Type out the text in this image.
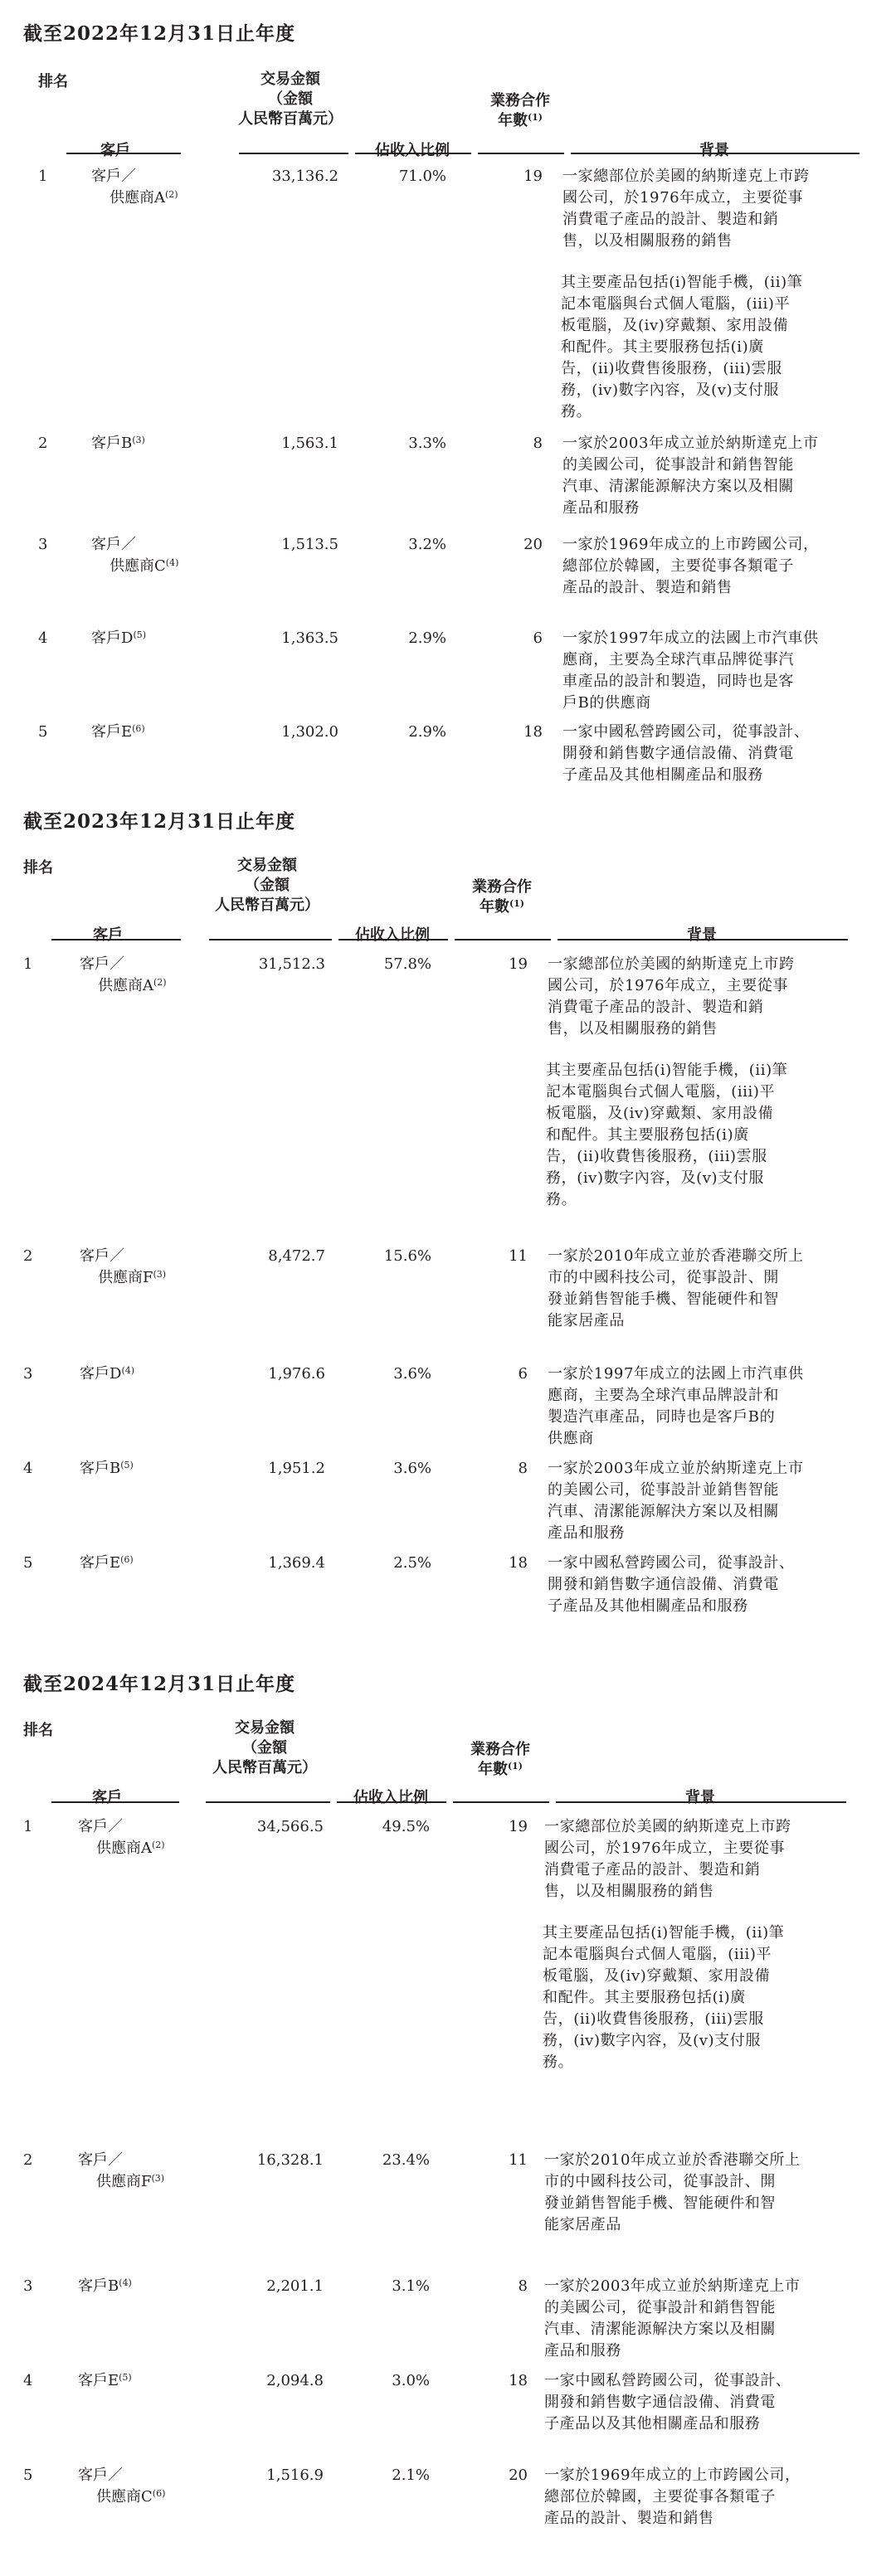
截至2022年12月31日止年度
排名
客戶
交易金額
（金額
人民幣百萬元）
佔收入比例
業務合作
年數$^{(1)}$
背景
1	客戶／
供應商$A^{(2)}$
33,136.2	71.0%	19 一家總部位於美國的納斯達克上市跨
國公司，於1976年成立，主要從事
消費電子產品的設計、製造和銷
售，以及相關服務的銷售
其主要產品包括(i)智能手機，(ii)筆
記本電腦與台式個人電腦，(iii)平
板電腦，及(iv)穿戴類、家用設備
和配件。其主要服務包括(i)廣
告，(ii)收費售後服務，(iii)雲服
務，(iv)數字內容，及(v)支付服
務。
2	客戶$B^{(3)}$	1,563.1	3.3%	8 一家於2003年成立並於納斯達克上市
的美國公司，從事設計和銷售智能
汽車、清潔能源解決方案以及相關
產品和服務
3	客戶／
供應商$C^{(4)}$
1,513.5	3.2%	20 一家於1969年成立的上市跨國公司，
總部位於韓國，主要從事各類電子
產品的設計、製造和銷售
4	客戶$D^{(5)}$	1,363.5	2.9%	6 一家於1997年成立的法國上市汽車供
應商，主要為全球汽車品牌從事汽
車產品的設計和製造，同時也是客
戶B的供應商
5	客戶$E^{(6)}$	1,302.0	2.9%	18 一家中國私營跨國公司，從事設計、
開發和銷售數字通信設備、消費電
子產品及其他相關產品和服務
截至2023年12月31日止年度
排名
客戶
交易金額
（金額
人民幣百萬元）
佔收入比例
業務合作
年數$^{(1)}$
背景
1	客戶／
供應商$A^{(2)}$
31,512.3	57.8%	19 一家總部位於美國的納斯達克上市跨
國公司，於1976年成立，主要從事
消費電子產品的設計、製造和銷
售，以及相關服務的銷售
其主要產品包括(i)智能手機，(ii)筆
記本電腦與台式個人電腦，(iii)平
板電腦，及(iv)穿戴類、家用設備
和配件。其主要服務包括(i)廣
告，(ii)收費售後服務，(iii)雲服
務，(iv)數字內容，及(v)支付服
務。
2	客戶／
供應商$F^{(3)}$
8,472.7	15.6%	11 一家於2010年成立並於香港聯交所上
市的中國科技公司，從事設計、開
發並銷售智能手機、智能硬件和智
能家居產品
3	客戶$D^{(4)}$	1,976.6	3.6%	6 一家於1997年成立的法國上市汽車供
應商，主要為全球汽車品牌設計和
製造汽車產品，同時也是客戶B的
供應商
4	客戶$B^{(5)}$	1,951.2	3.6%	8 一家於2003年成立並於納斯達克上市
的美國公司，從事設計並銷售智能
汽車、清潔能源解決方案以及相關
產品和服務
5	客戶$E^{(6)}$	1,369.4	2.5%	18 一家中國私營跨國公司，從事設計、
開發和銷售數字通信設備、消費電
子產品及其他相關產品和服務
截至2024年12月31日止年度
排名
客戶
交易金額
（金額
人民幣百萬元）
佔收入比例
業務合作
年數$^{(1)}$
背景
1	客戶／
供應商$A^{(2)}$
34,566.5	49.5%	19 一家總部位於美國的納斯達克上市跨
國公司，於1976年成立，主要從事
消費電子產品的設計、製造和銷
售，以及相關服務的銷售
其主要產品包括(i)智能手機，(ii)筆
記本電腦與台式個人電腦，(iii)平
板電腦，及(iv)穿戴類、家用設備
和配件。其主要服務包括(i)廣
告，(ii)收費售後服務，(iii)雲服
務，(iv)數字內容，及(v)支付服
務。
2	客戶／
供應商$F^{(3)}$
16,328.1	23.4%	11 一家於2010年成立並於香港聯交所上
市的中國科技公司，從事設計、開
發並銷售智能手機、智能硬件和智
能家居產品
3	客戶$B^{(4)}$	2,201.1	3.1%	8 一家於2003年成立並於納斯達克上市
的美國公司，從事設計和銷售智能
汽車、清潔能源解決方案以及相關
產品和服務
4	客戶$E^{(5)}$	2,094.8	3.0%	18 一家中國私營跨國公司，從事設計、
開發和銷售數字通信設備、消費電
子產品以及其他相關產品和服務
5	客戶／
供應商$C^{(6)}$
1,516.9	2.1%	20 一家於1969年成立的上市跨國公司，
總部位於韓國，主要從事各類電子
產品的設計、製造和銷售
